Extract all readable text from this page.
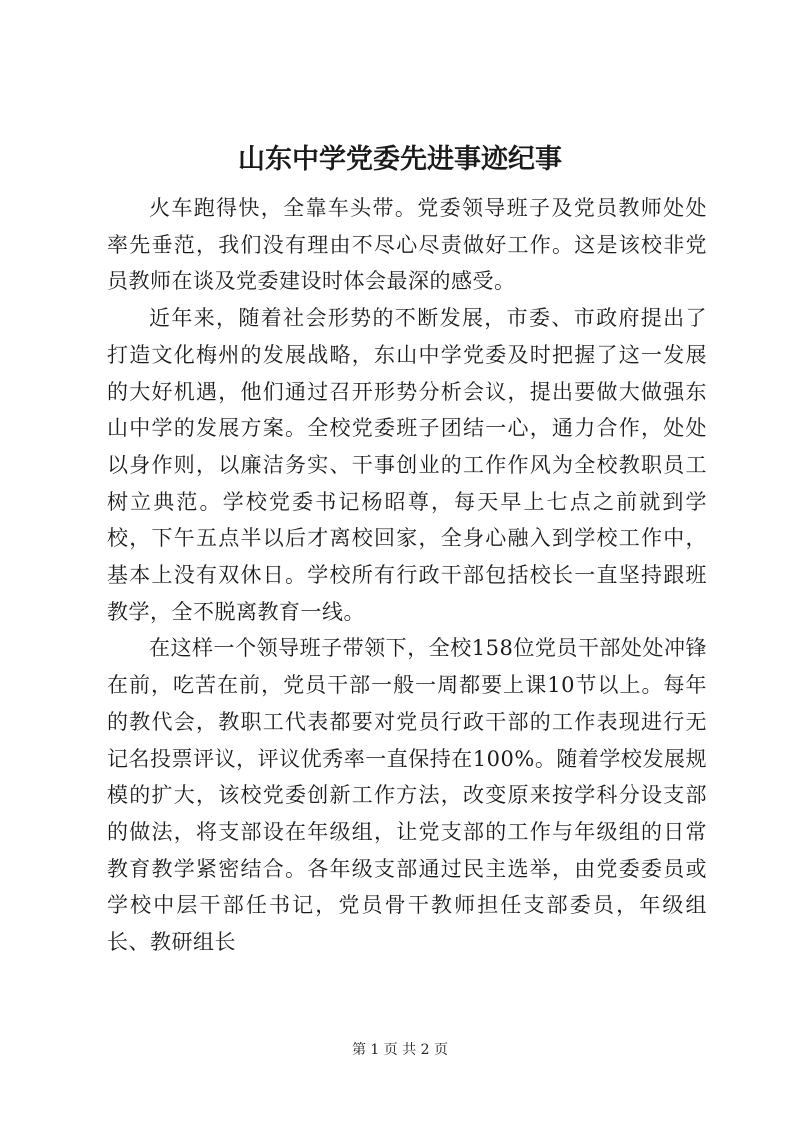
山东中学党委先进事迹纪事

火车跑得快，全靠车头带。党委领导班子及党员教师处处率先垂范，我们没有理由不尽心尽责做好工作。这是该校非党员教师在谈及党委建设时体会最深的感受。

近年来，随着社会形势的不断发展，市委、市政府提出了打造文化梅州的发展战略，东山中学党委及时把握了这一发展的大好机遇，他们通过召开形势分析会议，提出要做大做强东山中学的发展方案。全校党委班子团结一心，通力合作，处处以身作则，以廉洁务实、干事创业的工作作风为全校教职员工树立典范。学校党委书记杨昭尊，每天早上七点之前就到学校，下午五点半以后才离校回家，全身心融入到学校工作中，基本上没有双休日。学校所有行政干部包括校长一直坚持跟班教学，全不脱离教育一线。

在这样一个领导班子带领下，全校158位党员干部处处冲锋在前，吃苦在前，党员干部一般一周都要上课10节以上。每年的教代会，教职工代表都要对党员行政干部的工作表现进行无记名投票评议，评议优秀率一直保持在100%。随着学校发展规模的扩大，该校党委创新工作方法，改变原来按学科分设支部的做法，将支部设在年级组，让党支部的工作与年级组的日常教育教学紧密结合。各年级支部通过民主选举，由党委委员或学校中层干部任书记，党员骨干教师担任支部委员，年级组长、教研组长

第 1 页 共 2 页
